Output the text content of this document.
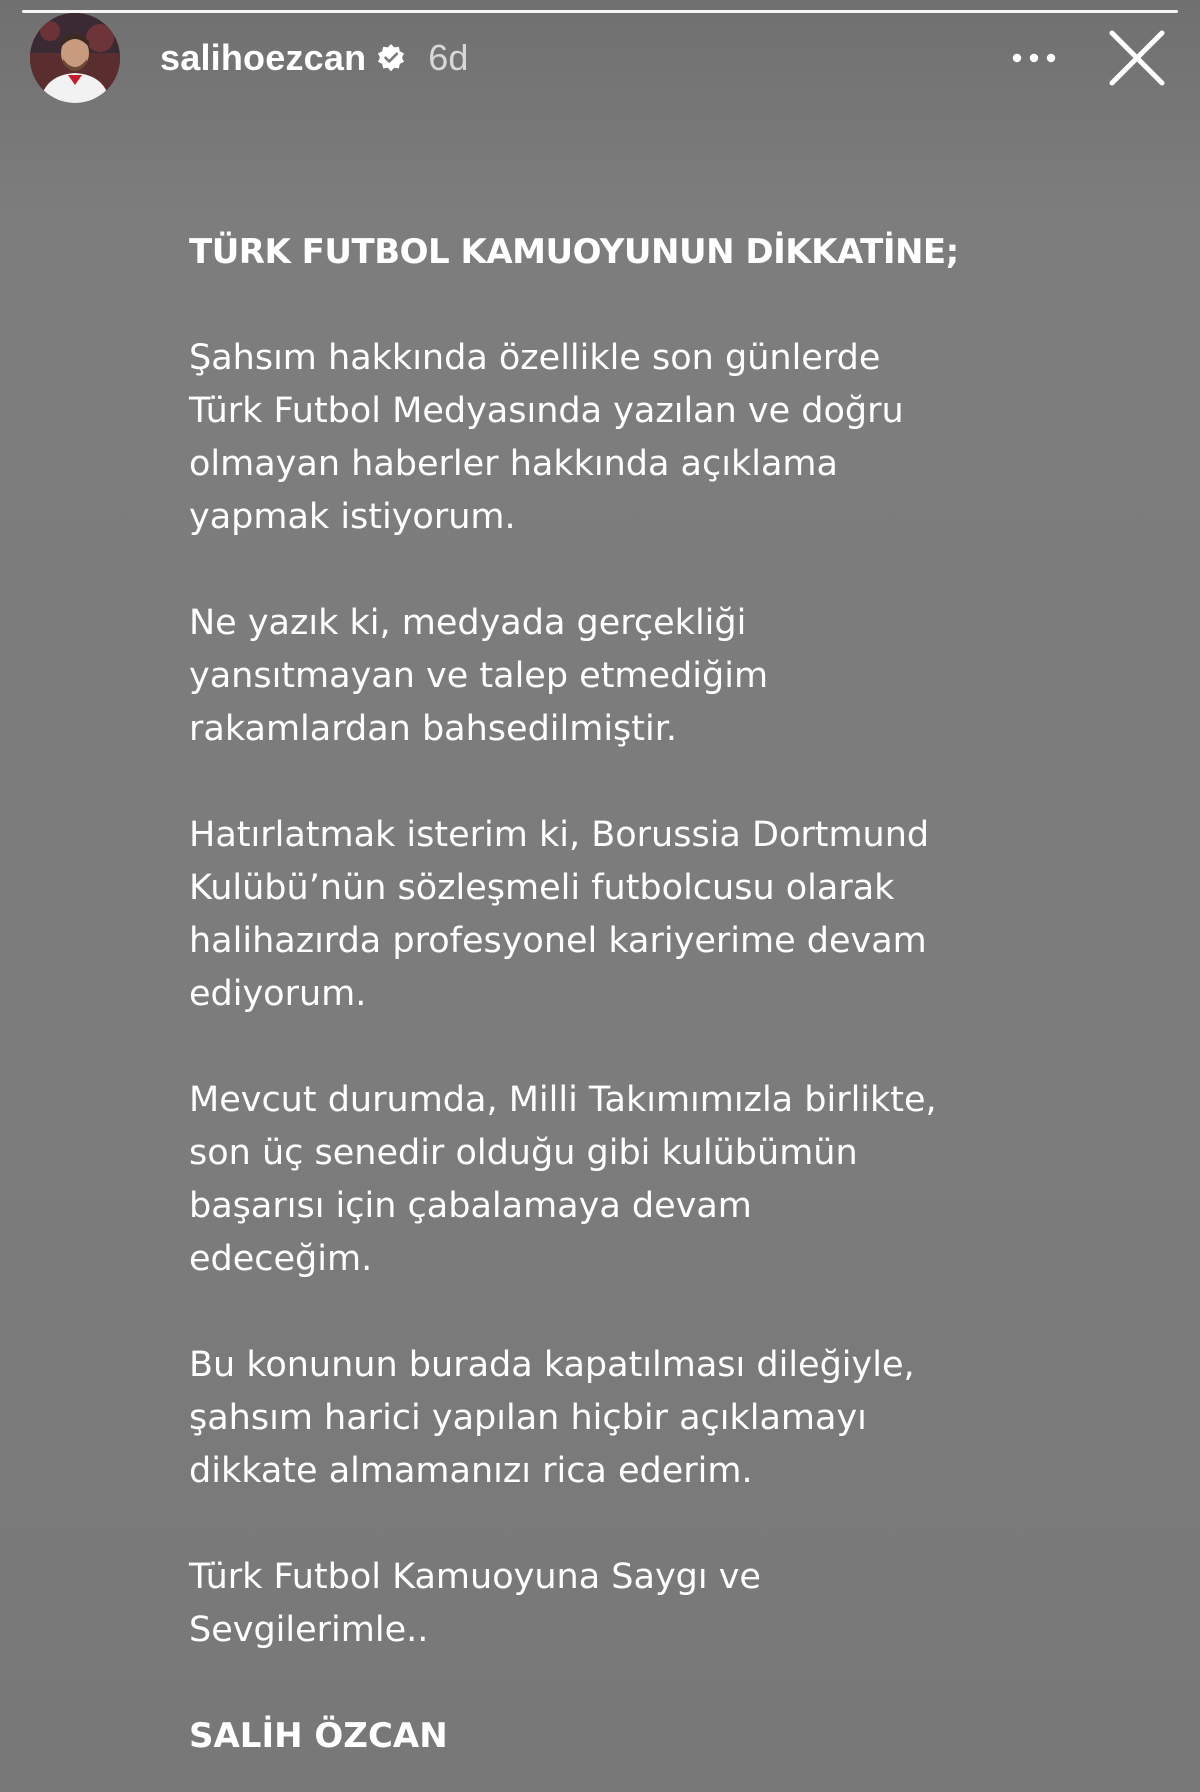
salihoezcan 6d
TÜRK FUTBOL KAMUOYUNUN DİKKATİNE;

Şahsım hakkında özellikle son günlerde
Türk Futbol Medyasında yazılan ve doğru
olmayan haberler hakkında açıklama
yapmak istiyorum.

Ne yazık ki, medyada gerçekliği
yansıtmayan ve talep etmediğim
rakamlardan bahsedilmiştir.

Hatırlatmak isterim ki, Borussia Dortmund
Kulübü’nün sözleşmeli futbolcusu olarak
halihazırda profesyonel kariyerime devam
ediyorum.

Mevcut durumda, Milli Takımımızla birlikte,
son üç senedir olduğu gibi kulübümün
başarısı için çabalamaya devam
edeceğim.

Bu konunun burada kapatılması dileğiyle,
şahsım harici yapılan hiçbir açıklamayı
dikkate almamanızı rica ederim.

Türk Futbol Kamuoyuna Saygı ve
Sevgilerimle..

SALİH ÖZCAN
